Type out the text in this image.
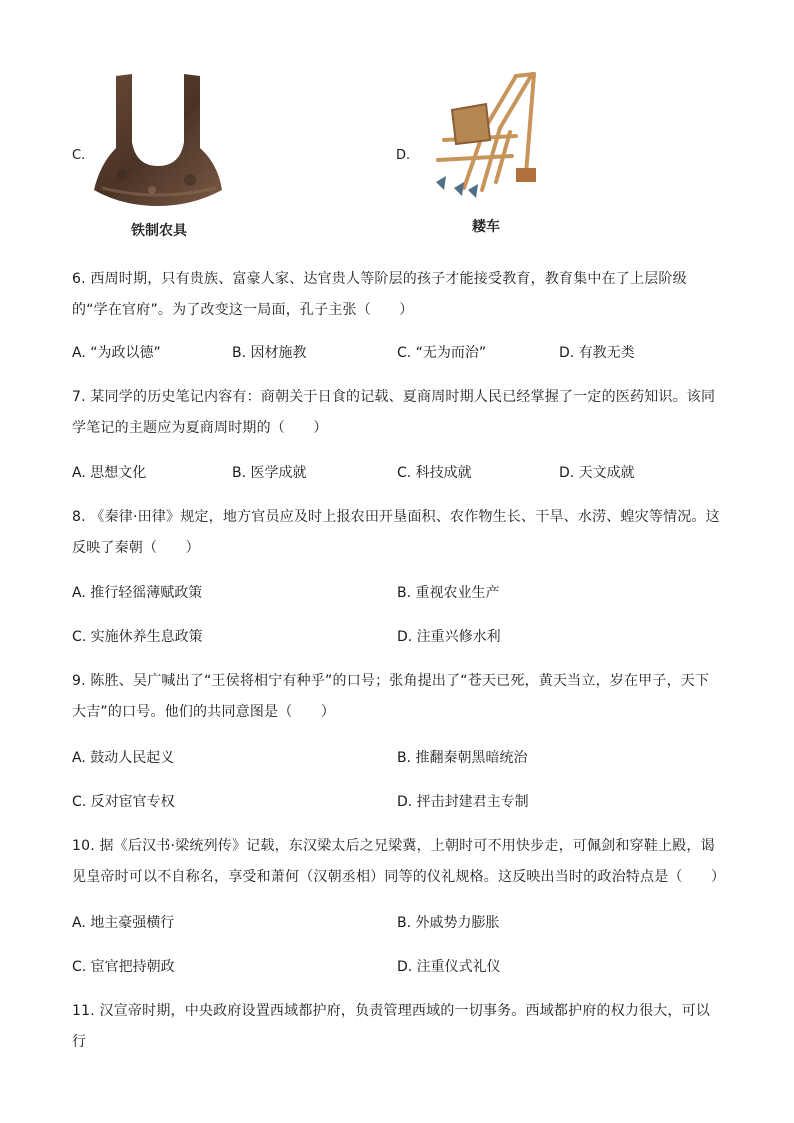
C.
铁制农具
D.
耧车
6. 西周时期，只有贵族、富豪人家、达官贵人等阶层的孩子才能接受教育，教育集中在了上层阶级的“学在官府”。为了改变这一局面，孔子主张（　　）
A. “为政以德”	B. 因材施教	C. “无为而治”	D. 有教无类
7. 某同学的历史笔记内容有：商朝关于日食的记载、夏商周时期人民已经掌握了一定的医药知识。该同学笔记的主题应为夏商周时期的（　　）
A. 思想文化	B. 医学成就	C. 科技成就	D. 天文成就
8. 《秦律·田律》规定，地方官员应及时上报农田开垦面积、农作物生长、干旱、水涝、蝗灾等情况。这反映了秦朝（　　）
A. 推行轻徭薄赋政策	B. 重视农业生产
C. 实施休养生息政策	D. 注重兴修水利
9. 陈胜、吴广喊出了“王侯将相宁有种乎”的口号；张角提出了“苍天已死，黄天当立，岁在甲子，天下大吉”的口号。他们的共同意图是（　　）
A. 鼓动人民起义	B. 推翻秦朝黑暗统治
C. 反对宦官专权	D. 抨击封建君主专制
10. 据《后汉书·梁统列传》记载，东汉梁太后之兄梁冀，上朝时可不用快步走，可佩剑和穿鞋上殿，谒见皇帝时可以不自称名，享受和萧何（汉朝丞相）同等的仪礼规格。这反映出当时的政治特点是（　　）
A. 地主豪强横行	B. 外戚势力膨胀
C. 宦官把持朝政	D. 注重仪式礼仪
11. 汉宣帝时期，中央政府设置西域都护府，负责管理西域的一切事务。西域都护府的权力很大，可以行
